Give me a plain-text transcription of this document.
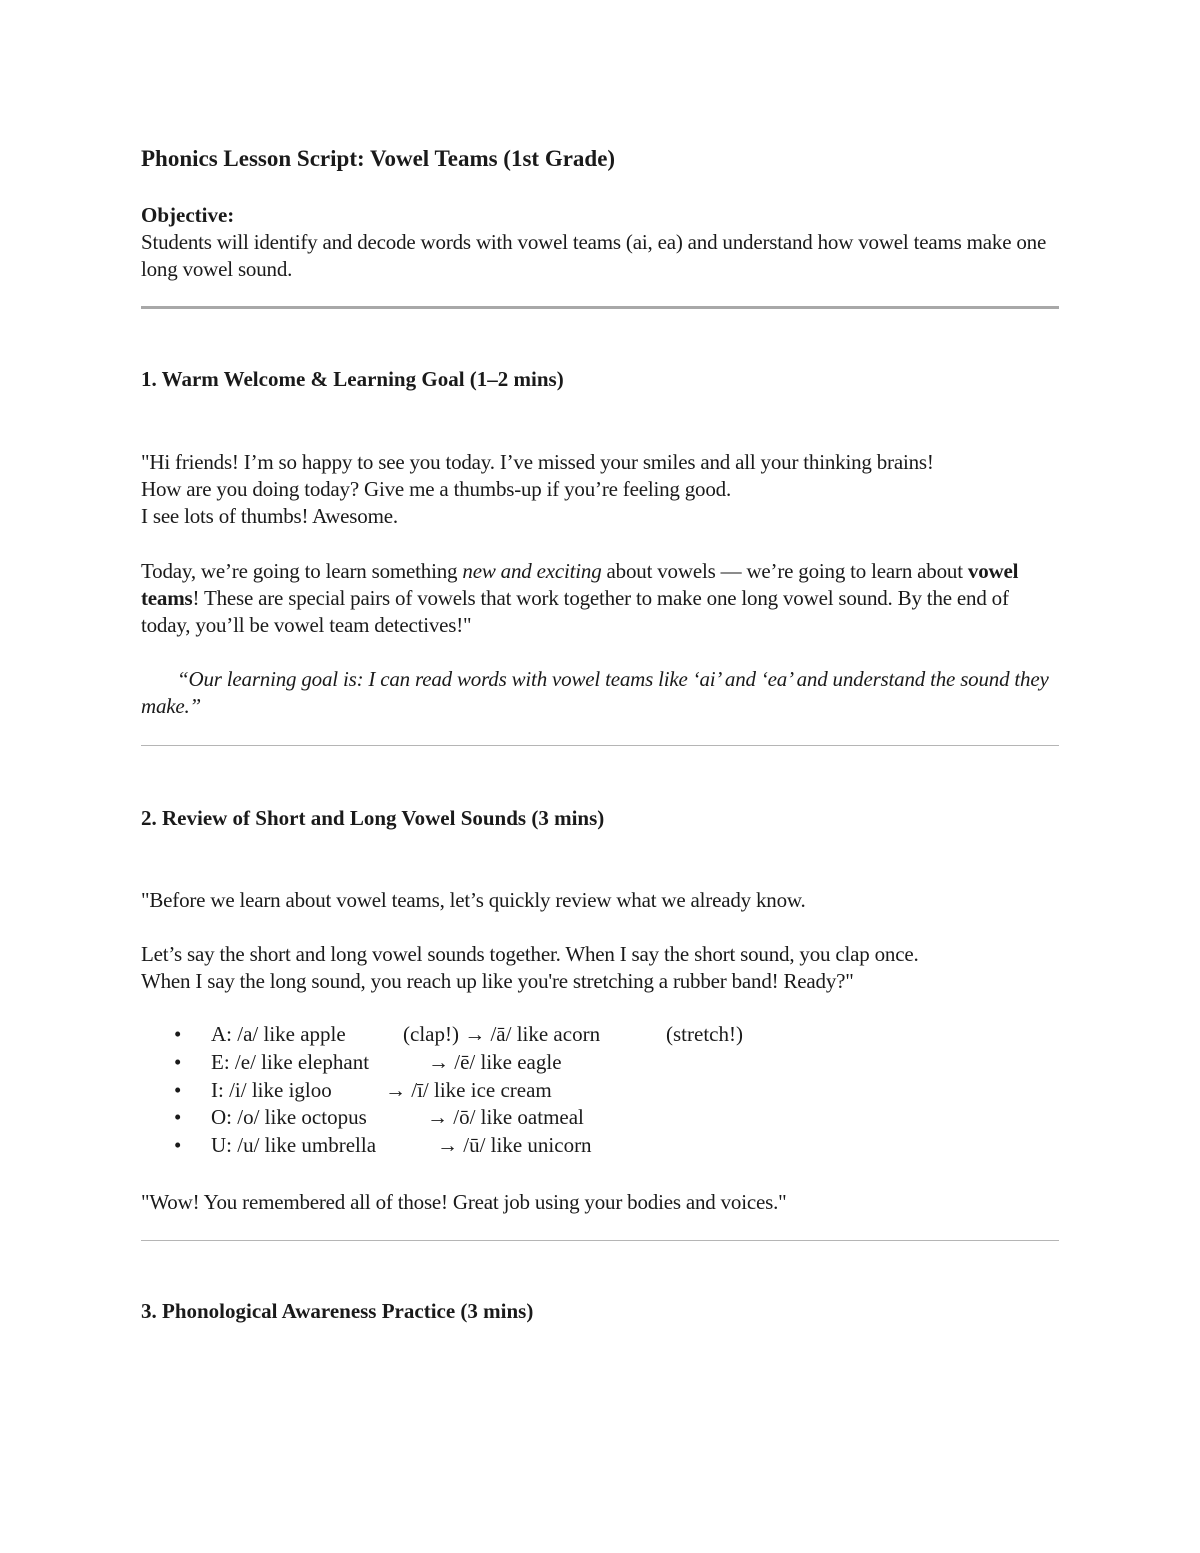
Phonics Lesson Script: Vowel Teams (1st Grade)

Objective:

Students will identify and decode words with vowel teams (ai, ea) and understand how vowel teams make one long vowel sound.

1. Warm Welcome & Learning Goal (1–2 mins)

"Hi friends! I’m so happy to see you today. I’ve missed your smiles and all your thinking brains!
How are you doing today? Give me a thumbs-up if you’re feeling good.
I see lots of thumbs! Awesome.

Today, we’re going to learn something new and exciting about vowels — we’re going to learn about vowel teams! These are special pairs of vowels that work together to make one long vowel sound. By the end of today, you’ll be vowel team detectives!"

“Our learning goal is: I can read words with vowel teams like ‘ai’ and ‘ea’ and understand the sound they make.”

2. Review of Short and Long Vowel Sounds (3 mins)

"Before we learn about vowel teams, let’s quickly review what we already know.

Let’s say the short and long vowel sounds together. When I say the short sound, you clap once.
When I say the long sound, you reach up like you're stretching a rubber band! Ready?"

• A: /a/ like apple	(clap!) → /ā/ like acorn	(stretch!)
• E: /e/ like elephant	→ /ē/ like eagle
• I: /i/ like igloo	→ /ī/ like ice cream
• O: /o/ like octopus	→ /ō/ like oatmeal
• U: /u/ like umbrella	→ /ū/ like unicorn

"Wow! You remembered all of those! Great job using your bodies and voices."

3. Phonological Awareness Practice (3 mins)
